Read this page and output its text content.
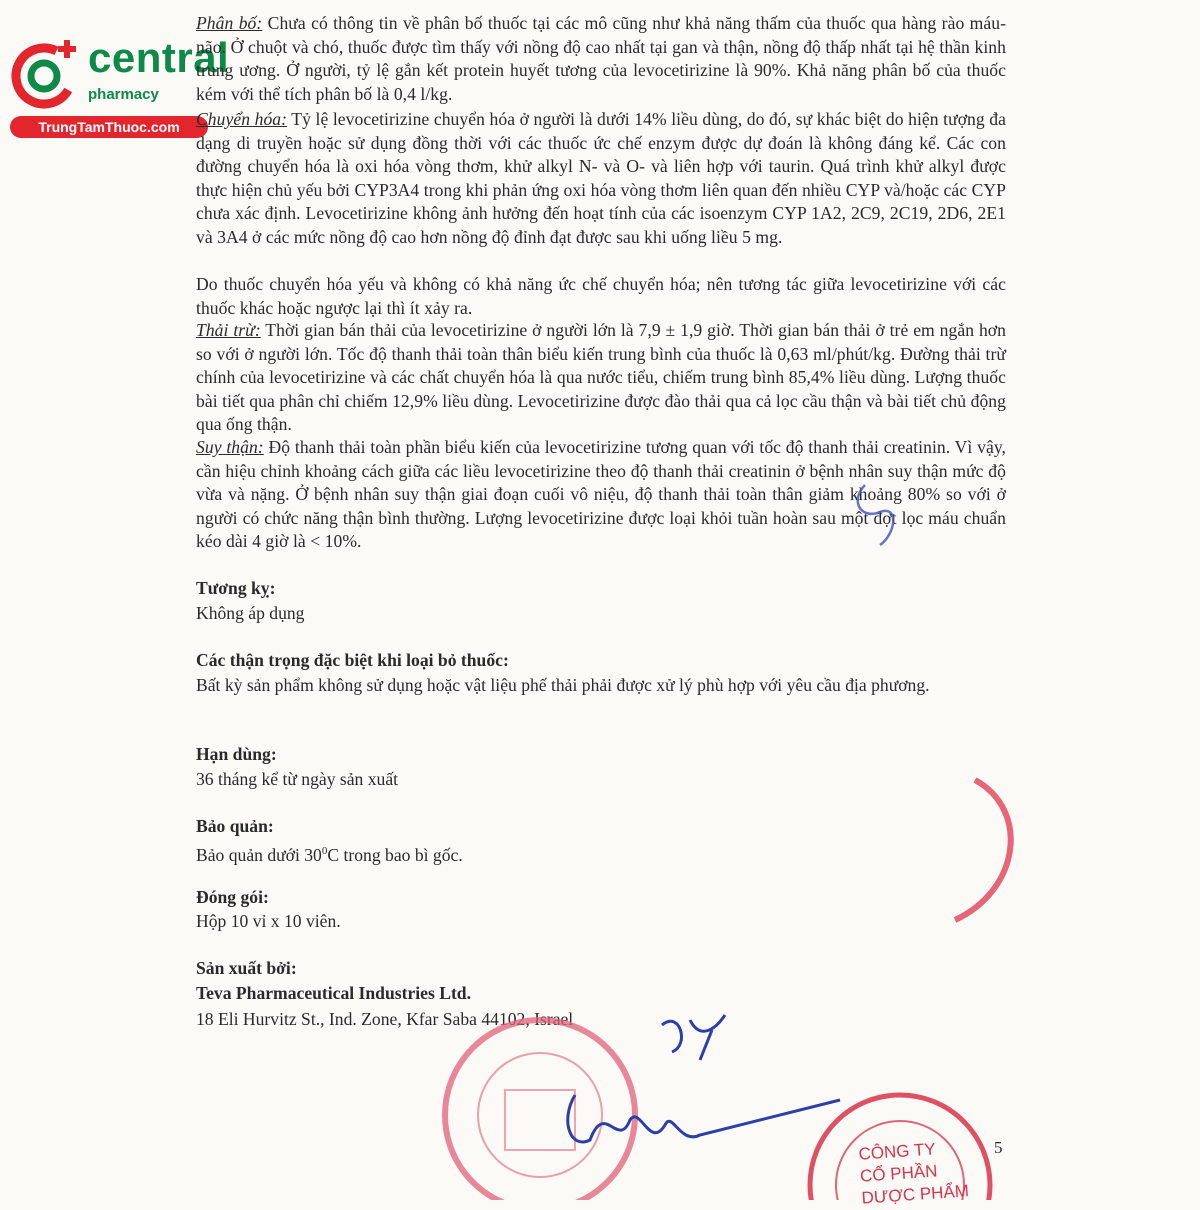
central
pharmacy
TrungTamThuoc.com
Phân bố: Chưa có thông tin về phân bố thuốc tại các mô cũng như khả năng thấm của thuốc qua hàng rào máu-não. Ở chuột và chó, thuốc được tìm thấy với nồng độ cao nhất tại gan và thận, nồng độ thấp nhất tại hệ thần kinh trung ương. Ở người, tỷ lệ gắn kết protein huyết tương của levocetirizine là 90%. Khả năng phân bố của thuốc kém với thể tích phân bố là 0,4 l/kg.
Chuyển hóa: Tỷ lệ levocetirizine chuyển hóa ở người là dưới 14% liều dùng, do đó, sự khác biệt do hiện tượng đa dạng di truyền hoặc sử dụng đồng thời với các thuốc ức chế enzym được dự đoán là không đáng kể. Các con đường chuyển hóa là oxi hóa vòng thơm, khử alkyl N- và O- và liên hợp với taurin. Quá trình khử alkyl được thực hiện chủ yếu bởi CYP3A4 trong khi phản ứng oxi hóa vòng thơm liên quan đến nhiều CYP và/hoặc các CYP chưa xác định. Levocetirizine không ảnh hưởng đến hoạt tính của các isoenzym CYP 1A2, 2C9, 2C19, 2D6, 2E1 và 3A4 ở các mức nồng độ cao hơn nồng độ đỉnh đạt được sau khi uống liều 5 mg.
Do thuốc chuyển hóa yếu và không có khả năng ức chế chuyển hóa; nên tương tác giữa levocetirizine với các thuốc khác hoặc ngược lại thì ít xảy ra.
Thải trừ: Thời gian bán thải của levocetirizine ở người lớn là 7,9 ± 1,9 giờ. Thời gian bán thải ở trẻ em ngắn hơn so với ở người lớn. Tốc độ thanh thải toàn thân biểu kiến trung bình của thuốc là 0,63 ml/phút/kg. Đường thải trừ chính của levocetirizine và các chất chuyển hóa là qua nước tiểu, chiếm trung bình 85,4% liều dùng. Lượng thuốc bài tiết qua phân chỉ chiếm 12,9% liều dùng. Levocetirizine được đào thải qua cả lọc cầu thận và bài tiết chủ động qua ống thận.
Suy thận: Độ thanh thải toàn phần biểu kiến của levocetirizine tương quan với tốc độ thanh thải creatinin. Vì vậy, cần hiệu chỉnh khoảng cách giữa các liều levocetirizine theo độ thanh thải creatinin ở bệnh nhân suy thận mức độ vừa và nặng. Ở bệnh nhân suy thận giai đoạn cuối vô niệu, độ thanh thải toàn thân giảm khoảng 80% so với ở người có chức năng thận bình thường. Lượng levocetirizine được loại khỏi tuần hoàn sau một đợt lọc máu chuẩn kéo dài 4 giờ là < 10%.
Tương kỵ:
Không áp dụng
Các thận trọng đặc biệt khi loại bỏ thuốc:
Bất kỳ sản phẩm không sử dụng hoặc vật liệu phế thải phải được xử lý phù hợp với yêu cầu địa phương.
Hạn dùng:
36 tháng kể từ ngày sản xuất
Bảo quản:
Bảo quản dưới $30^0C$ trong bao bì gốc.
Đóng gói:
Hộp 10 vỉ x 10 viên.
Sản xuất bởi:
Teva Pharmaceutical Industries Ltd.
18 Eli Hurvitz St., Ind. Zone, Kfar Saba 44102, Israel
CÔNG TY
CỔ PHẦN
DƯỢC PHẨM
5
